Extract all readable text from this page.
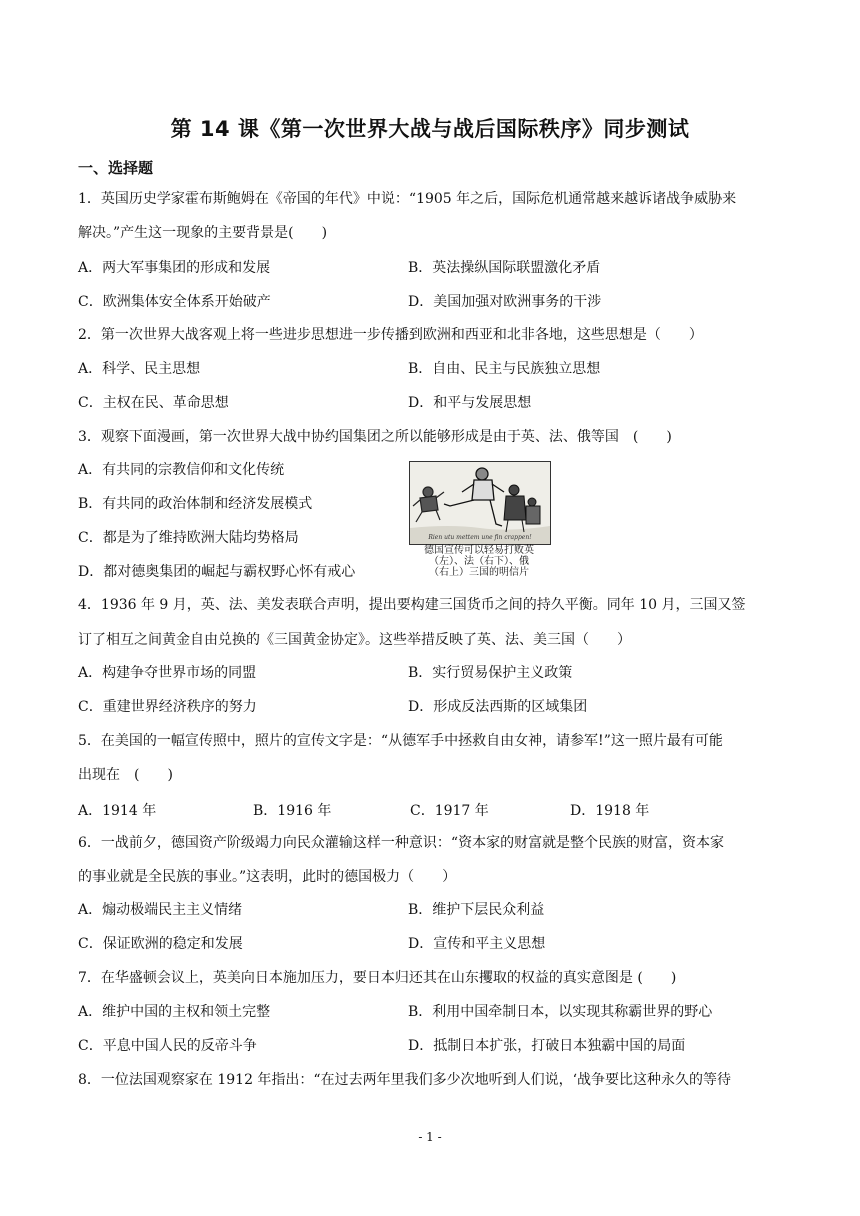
第 14 课《第一次世界大战与战后国际秩序》同步测试
一、选择题
1．英国历史学家霍布斯鲍姆在《帝国的年代》中说：“1905 年之后，国际危机通常越来越诉诸战争威胁来
解决。”产生这一现象的主要背景是(　　)
A．两大军事集团的形成和发展	B．英法操纵国际联盟激化矛盾
C．欧洲集体安全体系开始破产	D．美国加强对欧洲事务的干涉
2．第一次世界大战客观上将一些进步思想进一步传播到欧洲和西亚和北非各地，这些思想是（　　）
A．科学、民主思想	B．自由、民主与民族独立思想
C．主权在民、革命思想	D．和平与发展思想
3．观察下面漫画，第一次世界大战中协约国集团之所以能够形成是由于英、法、俄等国　(　　)
A．有共同的宗教信仰和文化传统
B．有共同的政治体制和经济发展模式
C．都是为了维持欧洲大陆均势格局
D．都对德奥集团的崛起与霸权野心怀有戒心
Rien utu mettem une fin crappen!
德国宣传可以轻易打败英
（左）、法（右下）、俄
（右上）三国的明信片
4．1936 年 9 月，英、法、美发表联合声明，提出要构建三国货币之间的持久平衡。同年 10 月，三国又签
订了相互之间黄金自由兑换的《三国黄金协定》。这些举措反映了英、法、美三国（　　）
A．构建争夺世界市场的同盟	B．实行贸易保护主义政策
C．重建世界经济秩序的努力	D．形成反法西斯的区域集团
5．在美国的一幅宣传照中，照片的宣传文字是：“从德军手中拯救自由女神，请参军!”这一照片最有可能
出现在　(　　)
A．1914 年	B．1916 年	C．1917 年	D．1918 年
6．一战前夕，德国资产阶级竭力向民众灌输这样一种意识：“资本家的财富就是整个民族的财富，资本家
的事业就是全民族的事业。”这表明，此时的德国极力（　　）
A．煽动极端民主主义情绪	B．维护下层民众利益
C．保证欧洲的稳定和发展	D．宣传和平主义思想
7．在华盛顿会议上，英美向日本施加压力，要日本归还其在山东攫取的权益的真实意图是 (　　)
A．维护中国的主权和领土完整	B．利用中国牵制日本，以实现其称霸世界的野心
C．平息中国人民的反帝斗争	D．抵制日本扩张，打破日本独霸中国的局面
8．一位法国观察家在 1912 年指出：“在过去两年里我们多少次地听到人们说，‘战争要比这种永久的等待
- 1 -
